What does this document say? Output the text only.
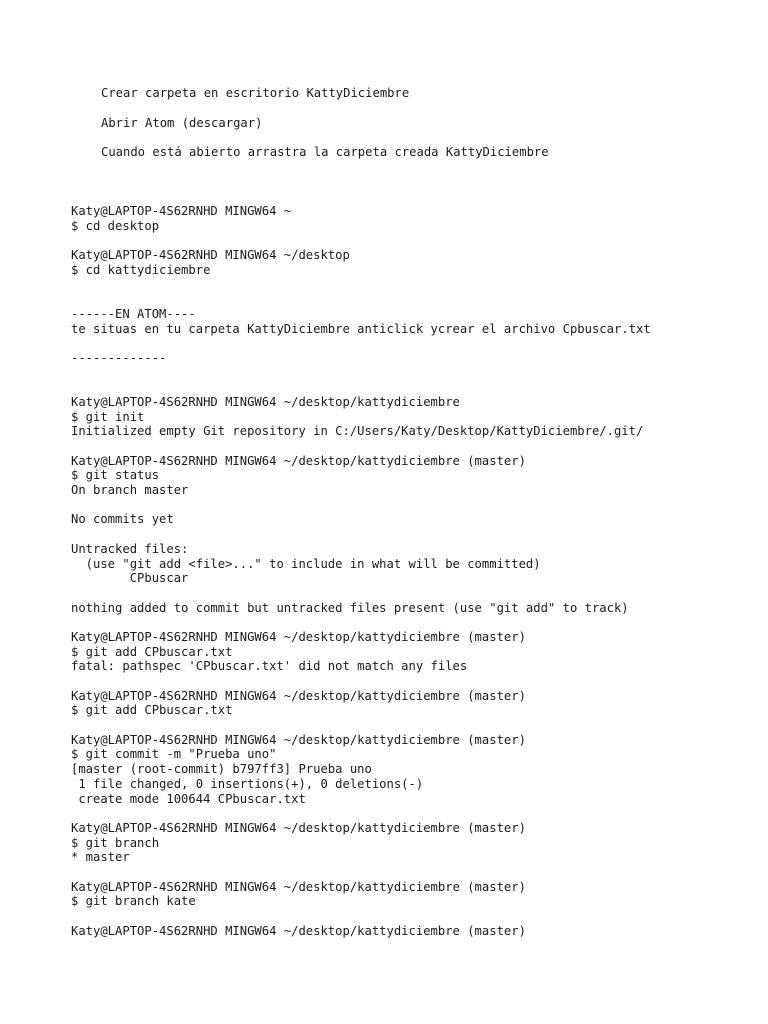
Crear carpeta en escritorio KattyDiciembre
Abrir Atom (descargar)
Cuando está abierto arrastra la carpeta creada KattyDiciembre
Katy@LAPTOP-4S62RNHD MINGW64 ~
$ cd desktop
Katy@LAPTOP-4S62RNHD MINGW64 ~/desktop
$ cd kattydiciembre
------EN ATOM----
te situas en tu carpeta KattyDiciembre anticlick ycrear el archivo Cpbuscar.txt
-------------
Katy@LAPTOP-4S62RNHD MINGW64 ~/desktop/kattydiciembre
$ git init
Initialized empty Git repository in C:/Users/Katy/Desktop/KattyDiciembre/.git/
Katy@LAPTOP-4S62RNHD MINGW64 ~/desktop/kattydiciembre (master)
$ git status
On branch master
No commits yet
Untracked files:
(use "git add <file>..." to include in what will be committed)
CPbuscar
nothing added to commit but untracked files present (use "git add" to track)
Katy@LAPTOP-4S62RNHD MINGW64 ~/desktop/kattydiciembre (master)
$ git add CPbuscar.txt
fatal: pathspec 'CPbuscar.txt' did not match any files
Katy@LAPTOP-4S62RNHD MINGW64 ~/desktop/kattydiciembre (master)
$ git add CPbuscar.txt
Katy@LAPTOP-4S62RNHD MINGW64 ~/desktop/kattydiciembre (master)
$ git commit -m "Prueba uno"
[master (root-commit) b797ff3] Prueba uno
1 file changed, 0 insertions(+), 0 deletions(-)
create mode 100644 CPbuscar.txt
Katy@LAPTOP-4S62RNHD MINGW64 ~/desktop/kattydiciembre (master)
$ git branch
* master
Katy@LAPTOP-4S62RNHD MINGW64 ~/desktop/kattydiciembre (master)
$ git branch kate
Katy@LAPTOP-4S62RNHD MINGW64 ~/desktop/kattydiciembre (master)
